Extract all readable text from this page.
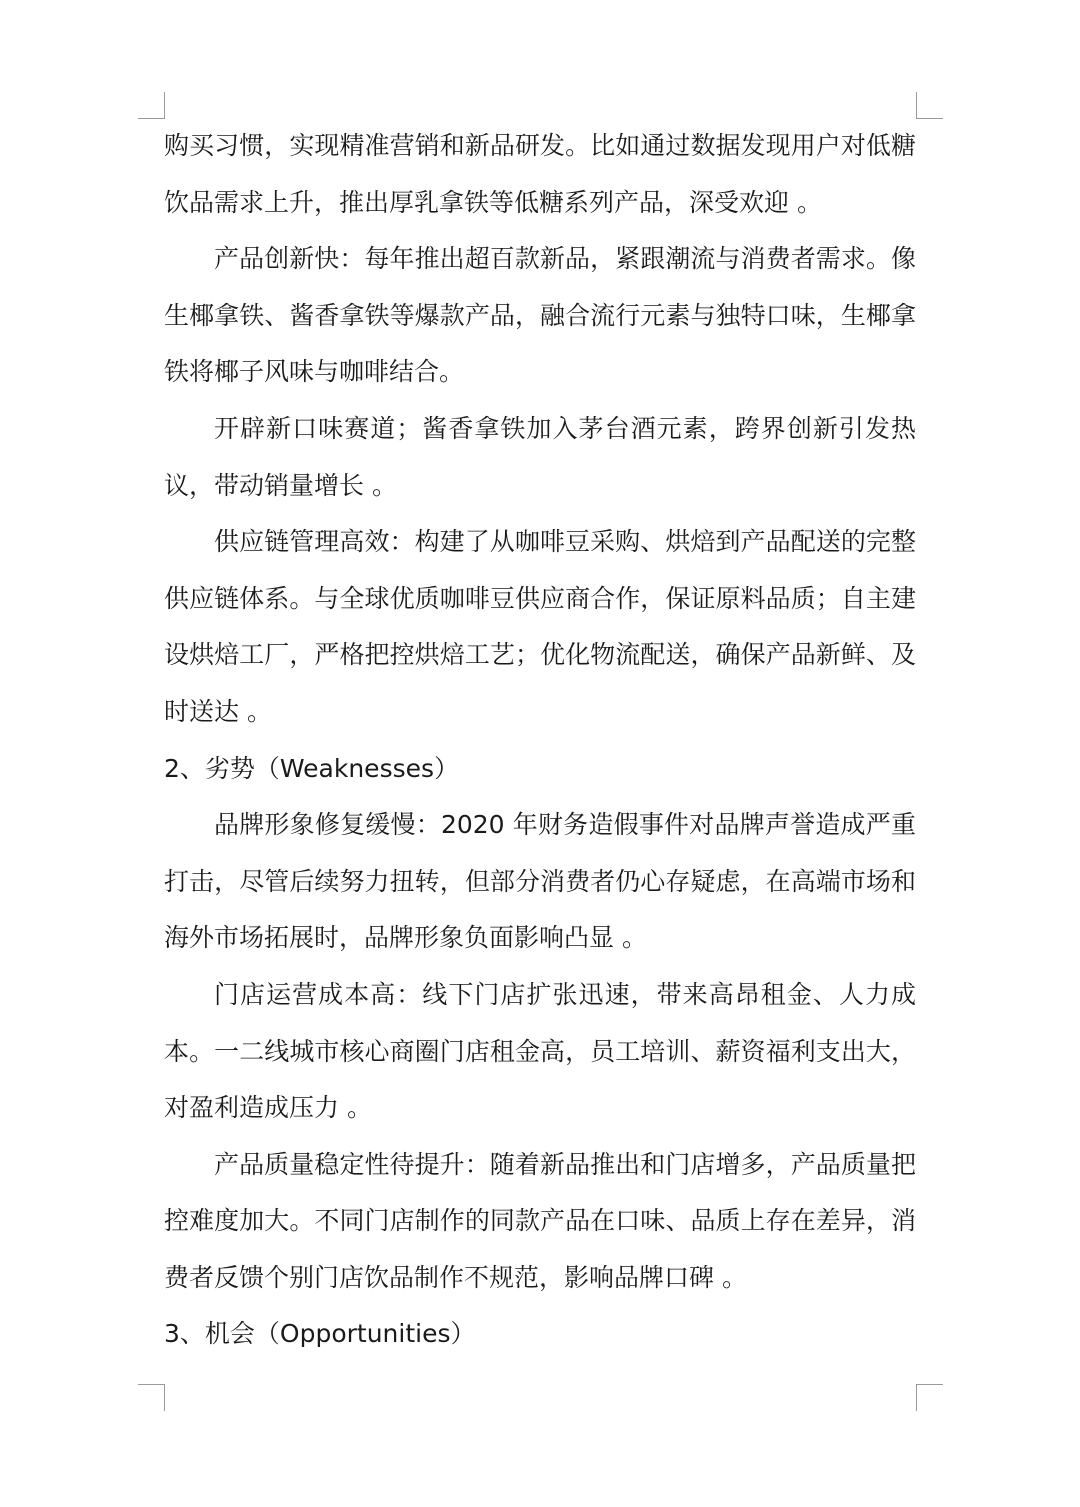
购买习惯，实现精准营销和新品研发。比如通过数据发现用户对低糖饮品需求上升，推出厚乳拿铁等低糖系列产品，深受欢迎 。

产品创新快：每年推出超百款新品，紧跟潮流与消费者需求。像生椰拿铁、酱香拿铁等爆款产品，融合流行元素与独特口味，生椰拿铁将椰子风味与咖啡结合。

开辟新口味赛道；酱香拿铁加入茅台酒元素，跨界创新引发热议，带动销量增长 。

供应链管理高效：构建了从咖啡豆采购、烘焙到产品配送的完整供应链体系。与全球优质咖啡豆供应商合作，保证原料品质；自主建设烘焙工厂，严格把控烘焙工艺；优化物流配送，确保产品新鲜、及时送达 。

2、劣势（Weaknesses）

品牌形象修复缓慢：2020 年财务造假事件对品牌声誉造成严重打击，尽管后续努力扭转，但部分消费者仍心存疑虑，在高端市场和海外市场拓展时，品牌形象负面影响凸显 。

门店运营成本高：线下门店扩张迅速，带来高昂租金、人力成本。一二线城市核心商圈门店租金高，员工培训、薪资福利支出大，对盈利造成压力 。

产品质量稳定性待提升：随着新品推出和门店增多，产品质量把控难度加大。不同门店制作的同款产品在口味、品质上存在差异，消费者反馈个别门店饮品制作不规范，影响品牌口碑 。

3、机会（Opportunities）
